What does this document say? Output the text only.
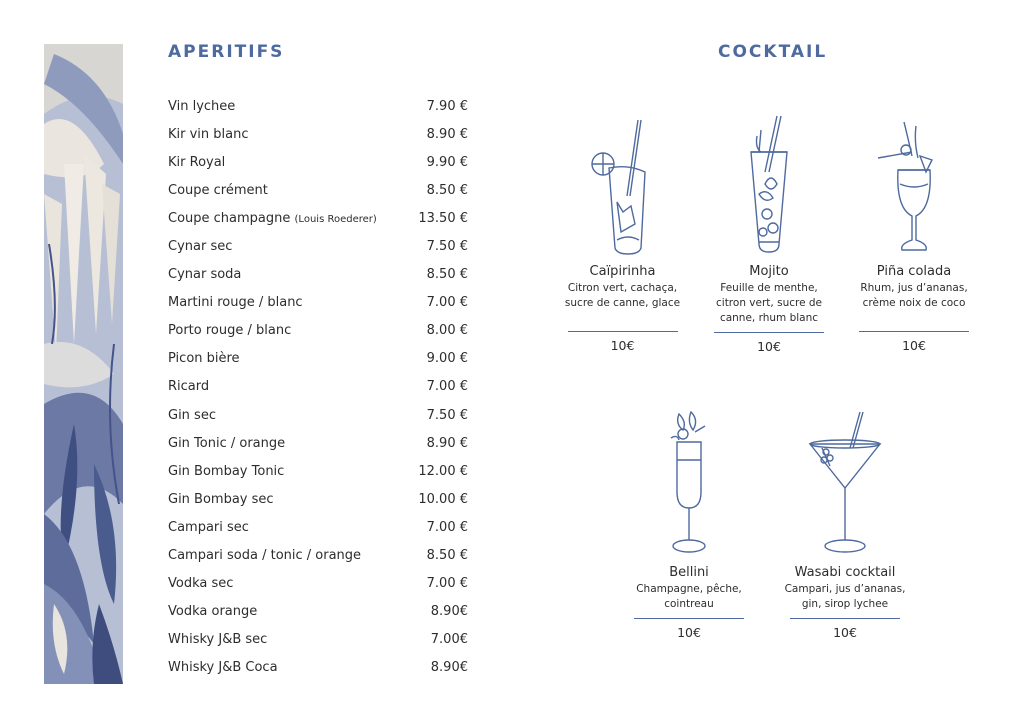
APERITIFS
Vin lychee	7.90 €
Kir vin blanc	8.90 €
Kir Royal	9.90 €
Coupe crément	8.50 €
Coupe champagne (Louis Roederer)	13.50 €
Cynar sec	7.50 €
Cynar soda	8.50 €
Martini rouge / blanc	7.00 €
Porto rouge / blanc	8.00 €
Picon bière	9.00 €
Ricard	7.00 €
Gin sec	7.50 €
Gin Tonic / orange	8.90 €
Gin Bombay Tonic	12.00 €
Gin Bombay sec	10.00 €
Campari sec	7.00 €
Campari soda / tonic / orange	8.50 €
Vodka sec	7.00 €
Vodka orange	8.90€
Whisky J&B sec	7.00€
Whisky J&B Coca	8.90€
COCKTAIL
Caïpirinha
Citron vert, cachaça,
sucre de canne, glace
10€
Mojito
Feuille de menthe,
citron vert, sucre de
canne, rhum blanc
10€
Piña colada
Rhum, jus d’ananas,
crème noix de coco
10€
Bellini
Champagne, pêche,
cointreau
10€
Wasabi cocktail
Campari, jus d’ananas,
gin, sirop lychee
10€
